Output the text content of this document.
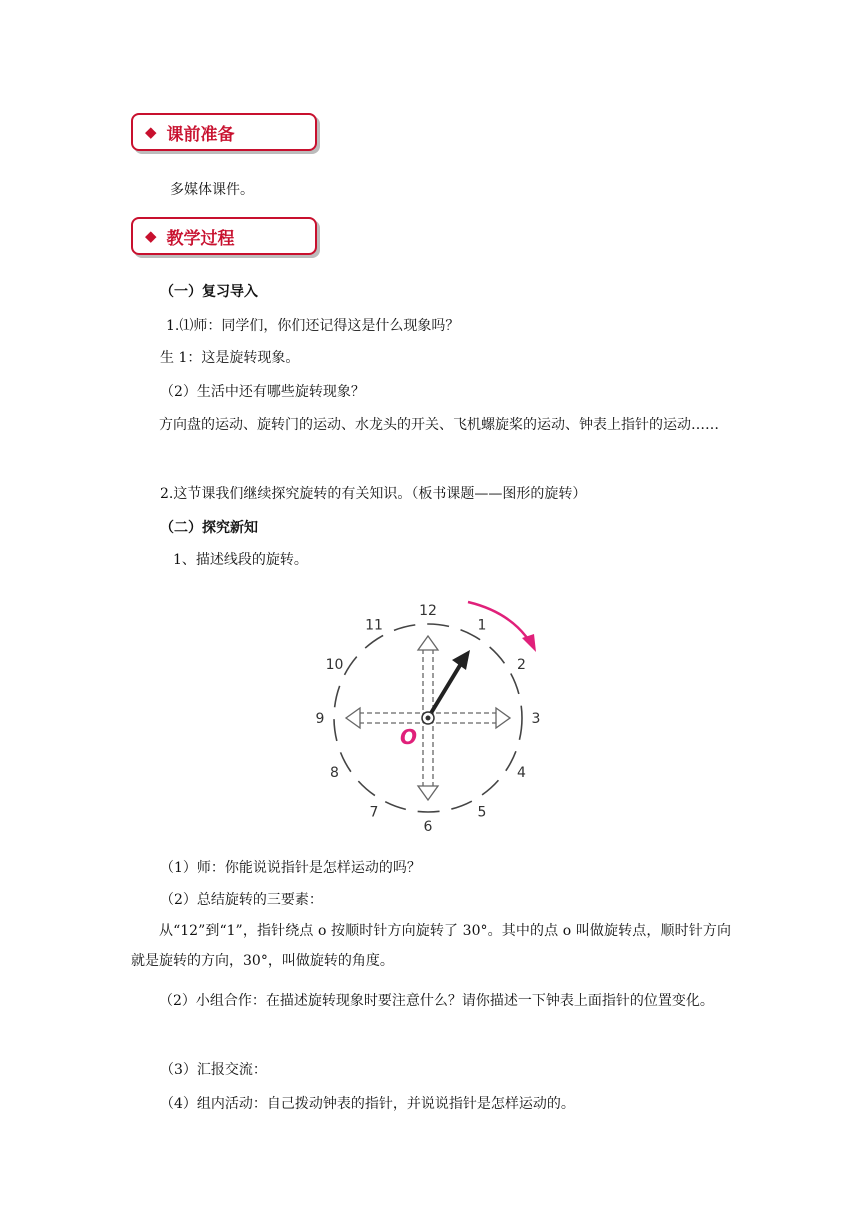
◆ 课前准备
多媒体课件。
◆ 教学过程
（一）复习导入
1.⑴师：同学们，你们还记得这是什么现象吗？
生 1：这是旋转现象。
（2）生活中还有哪些旋转现象？
方向盘的运动、旋转门的运动、水龙头的开关、飞机螺旋桨的运动、钟表上指针的运动……
2.这节课我们继续探究旋转的有关知识。（板书课题——图形的旋转）
（二）探究新知
1、描述线段的旋转。
O
12
1
2
3
4
5
6
7
8
9
10
11
（1）师：你能说说指针是怎样运动的吗？
（2）总结旋转的三要素：
从“12”到“1”，指针绕点 o 按顺时针方向旋转了 30°。其中的点 o 叫做旋转点，顺时针方向就是旋转的方向，30°，叫做旋转的角度。
（2）小组合作：在描述旋转现象时要注意什么？请你描述一下钟表上面指针的位置变化。
（3）汇报交流：
（4）组内活动：自己拨动钟表的指针，并说说指针是怎样运动的。
